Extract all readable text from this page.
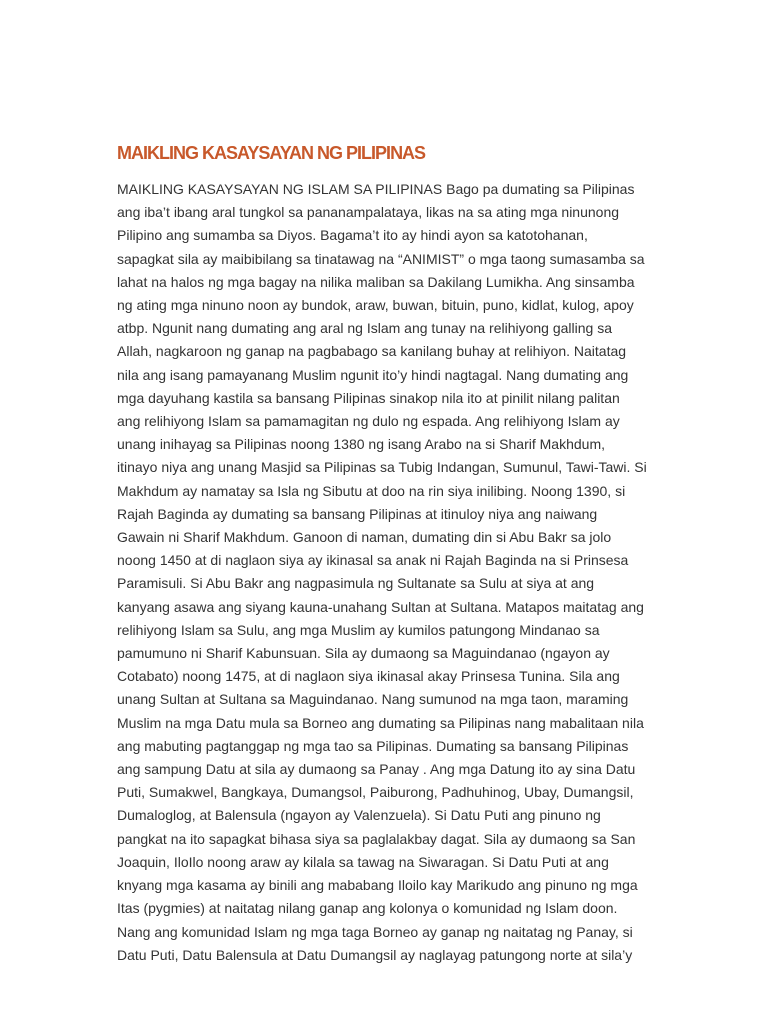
MAIKLING KASAYSAYAN NG PILIPINAS
MAIKLING KASAYSAYAN NG ISLAM SA PILIPINAS Bago pa dumating sa Pilipinas
ang iba’t ibang aral tungkol sa pananampalataya, likas na sa ating mga ninunong
Pilipino ang sumamba sa Diyos. Bagama’t ito ay hindi ayon sa katotohanan,
sapagkat sila ay maibibilang sa tinatawag na “ANIMIST” o mga taong sumasamba sa
lahat na halos ng mga bagay na nilika maliban sa Dakilang Lumikha. Ang sinsamba
ng ating mga ninuno noon ay bundok, araw, buwan, bituin, puno, kidlat, kulog, apoy
atbp. Ngunit nang dumating ang aral ng Islam ang tunay na relihiyong galling sa
Allah, nagkaroon ng ganap na pagbabago sa kanilang buhay at relihiyon. Naitatag
nila ang isang pamayanang Muslim ngunit ito’y hindi nagtagal. Nang dumating ang
mga dayuhang kastila sa bansang Pilipinas sinakop nila ito at pinilit nilang palitan
ang relihiyong Islam sa pamamagitan ng dulo ng espada. Ang relihiyong Islam ay
unang inihayag sa Pilipinas noong 1380 ng isang Arabo na si Sharif Makhdum,
itinayo niya ang unang Masjid sa Pilipinas sa Tubig Indangan, Sumunul, Tawi-Tawi. Si
Makhdum ay namatay sa Isla ng Sibutu at doo na rin siya inilibing. Noong 1390, si
Rajah Baginda ay dumating sa bansang Pilipinas at itinuloy niya ang naiwang
Gawain ni Sharif Makhdum. Ganoon di naman, dumating din si Abu Bakr sa jolo
noong 1450 at di naglaon siya ay ikinasal sa anak ni Rajah Baginda na si Prinsesa
Paramisuli. Si Abu Bakr ang nagpasimula ng Sultanate sa Sulu at siya at ang
kanyang asawa ang siyang kauna-unahang Sultan at Sultana. Matapos maitatag ang
relihiyong Islam sa Sulu, ang mga Muslim ay kumilos patungong Mindanao sa
pamumuno ni Sharif Kabunsuan. Sila ay dumaong sa Maguindanao (ngayon ay
Cotabato) noong 1475, at di naglaon siya ikinasal akay Prinsesa Tunina. Sila ang
unang Sultan at Sultana sa Maguindanao. Nang sumunod na mga taon, maraming
Muslim na mga Datu mula sa Borneo ang dumating sa Pilipinas nang mabalitaan nila
ang mabuting pagtanggap ng mga tao sa Pilipinas. Dumating sa bansang Pilipinas
ang sampung Datu at sila ay dumaong sa Panay . Ang mga Datung ito ay sina Datu
Puti, Sumakwel, Bangkaya, Dumangsol, Paiburong, Padhuhinog, Ubay, Dumangsil,
Dumaloglog, at Balensula (ngayon ay Valenzuela). Si Datu Puti ang pinuno ng
pangkat na ito sapagkat bihasa siya sa paglalakbay dagat. Sila ay dumaong sa San
Joaquin, IloIlo noong araw ay kilala sa tawag na Siwaragan. Si Datu Puti at ang
knyang mga kasama ay binili ang mababang Iloilo kay Marikudo ang pinuno ng mga
Itas (pygmies) at naitatag nilang ganap ang kolonya o komunidad ng Islam doon.
Nang ang komunidad Islam ng mga taga Borneo ay ganap ng naitatag ng Panay, si
Datu Puti, Datu Balensula at Datu Dumangsil ay naglayag patungong norte at sila’y
